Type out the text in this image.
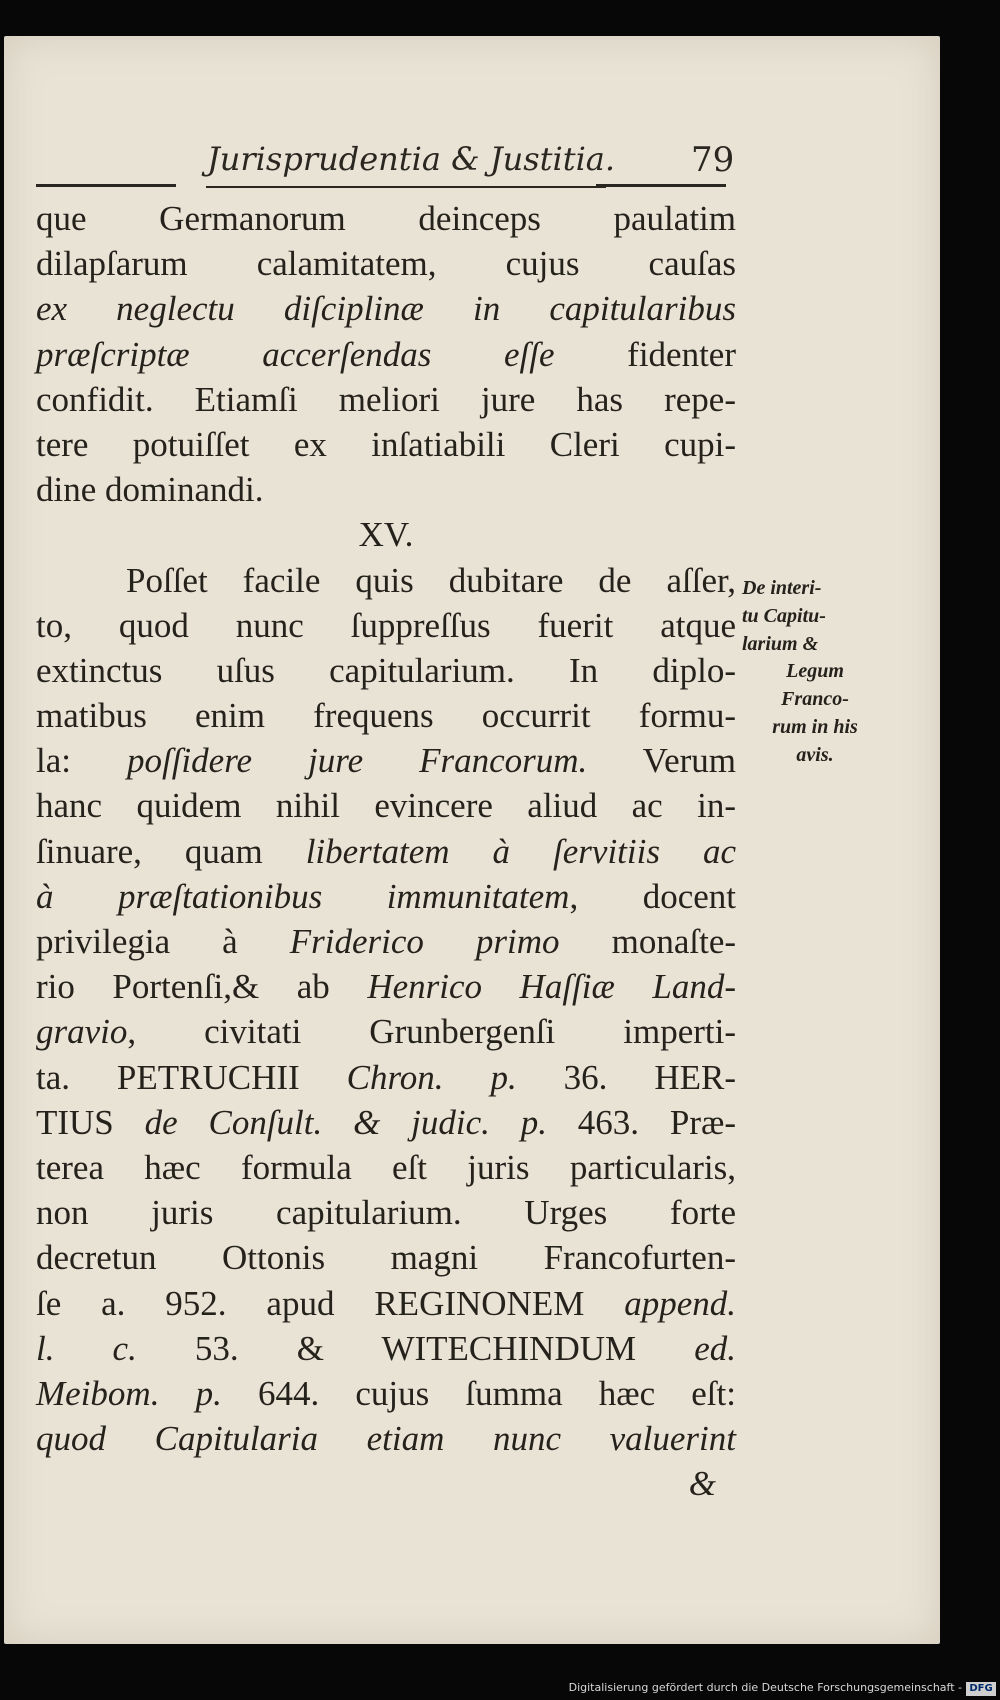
Jurisprudentia & Justitia.	79
que Germanorum deinceps paulatim
dilapſarum calamitatem, cujus cauſas
ex neglectu diſciplinæ in capitularibus
præſcriptæ accerſendas eſſe fidenter
confidit. Etiamſi meliori jure has repe-
tere potuiſſet ex inſatiabili Cleri cupi-
dine dominandi.
XV.
Poſſet facile quis dubitare de aſſer,
to, quod nunc ſuppreſſus fuerit atque
extinctus uſus capitularium. In diplo-
matibus enim frequens occurrit formu-
la: poſſidere jure Francorum. Verum
hanc quidem nihil evincere aliud ac in-
ſinuare, quam libertatem à ſervitiis ac
à præſtationibus immunitatem, docent
privilegia à Friderico primo monaſte-
rio Portenſi,& ab Henrico Haſſiæ Land-
gravio, civitati Grunbergenſi imperti-
ta. PETRUCHII Chron. p. 36. HER-
TIUS de Conſult. & judic. p. 463. Præ-
terea hæc formula eſt juris particularis,
non juris capitularium. Urges forte
decretun Ottonis magni Francofurten-
ſe a. 952. apud REGINONEM append.
l. c. 53. & WITECHINDUM ed.
Meibom. p. 644. cujus ſumma hæc eſt:
quod Capitularia etiam nunc valuerint
&
De interi-
tu Capitu-
larium &
Legum
Franco-
rum in his
avis.
Digitalisierung gefördert durch die Deutsche Forschungsgemeinschaft - DFG
